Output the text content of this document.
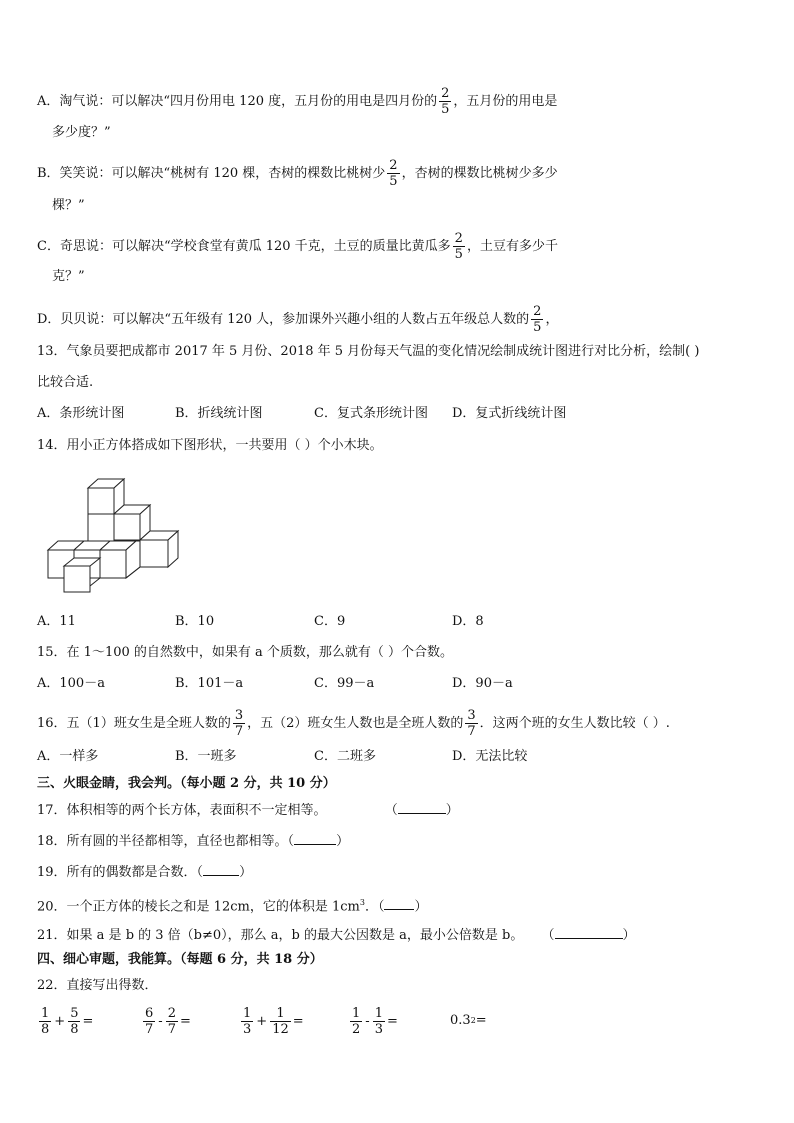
A．淘气说：可以解决“四月份用电 120 度，五月份的用电是四月份的 $\frac{2}{5}$ ，五月份的用电是
多少度？”
B．笑笑说：可以解决“桃树有 120 棵，杏树的棵数比桃树少 $\frac{2}{5}$ ，杏树的棵数比桃树少多少
棵？”
C．奇思说：可以解决“学校食堂有黄瓜 120 千克，土豆的质量比黄瓜多 $\frac{2}{5}$ ，土豆有多少千
克？”
D．贝贝说：可以解决“五年级有 120 人，参加课外兴趣小组的人数占五年级总人数的 $\frac{2}{5}$ ，
13．气象员要把成都市 2017 年 5 月份、2018 年 5 月份每天气温的变化情况绘制成统计图进行对比分析，绘制( )
比较合适.
A．条形统计图	B．折线统计图	C．复式条形统计图 D．复式折线统计图
14．用小正方体搭成如下图形状，一共要用（ ）个小木块。
A．11	B．10	C．9	D．8
15．在 1～100 的自然数中，如果有 a 个质数，那么就有（ ）个合数。
A．100－a	B．101－a	C．99－a	D．90－a
16．五（1）班女生是全班人数的 $\frac{3}{7}$ ，五（2）班女生人数也是全班人数的 $\frac{3}{7}$ ．这两个班的女生人数比较（ ）.
A．一样多	B．一班多	C．二班多	D．无法比较
三、火眼金睛，我会判。（每小题 2 分，共 10 分）
17．体积相等的两个长方体，表面积不一定相等。	（	）
18．所有圆的半径都相等，直径也都相等。（	）
19．所有的偶数都是合数．（	）
20．一个正方体的棱长之和是 12cm，它的体积是 $1cm^3$．（ ）
21．如果 a 是 b 的 3 倍（b≠0），那么 a，b 的最大公因数是 a，最小公倍数是 b。 （	）
四、细心审题，我能算。（每题 6 分，共 18 分）
22．直接写出得数．
$\frac{1}{8} + \frac{5}{8}$ =	$\frac{6}{7} - \frac{2}{7}$ =	$\frac{1}{3} + \frac{1}{12}$ =	$\frac{1}{2} - \frac{1}{3}$ =	0.3 2 =
